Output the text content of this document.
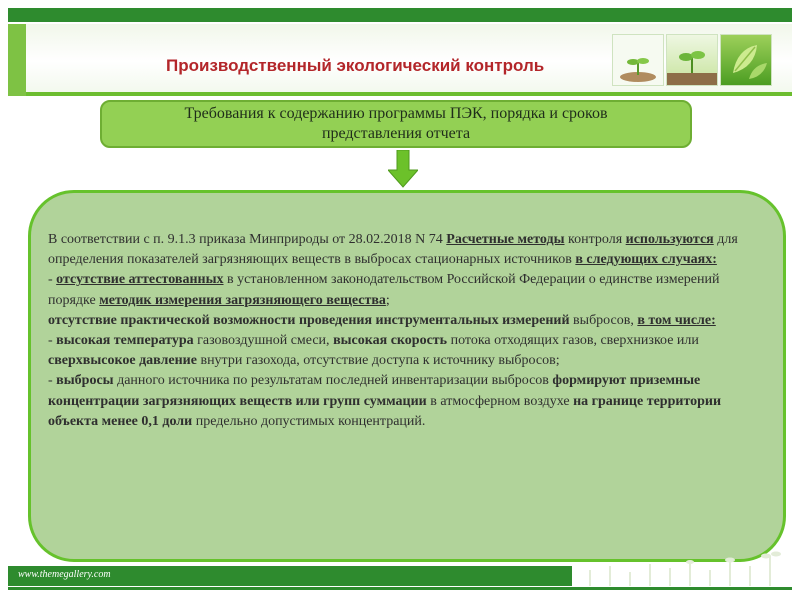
Производственный экологический контроль
Требования к содержанию программы ПЭК, порядка и сроков
представления отчета

В соответствии с п. 9.1.3 приказа Минприроды от 28.02.2018 N 74 Расчетные методы контроля используются для определения показателей загрязняющих веществ в выбросах стационарных источников в следующих случаях:

- отсутствие аттестованных в установленном законодательством Российской Федерации о единстве измерений порядке методик измерения загрязняющего вещества;

отсутствие практической возможности проведения инструментальных измерений выбросов, в том числе:

- высокая температура газовоздушной смеси, высокая скорость потока отходящих газов, сверхнизкое или сверхвысокое давление внутри газохода, отсутствие доступа к источнику выбросов;

- выбросы данного источника по результатам последней инвентаризации выбросов формируют приземные концентрации загрязняющих веществ или групп суммации в атмосферном воздухе на границе территории объекта менее 0,1 доли предельно допустимых концентраций.

www.themegallery.com
